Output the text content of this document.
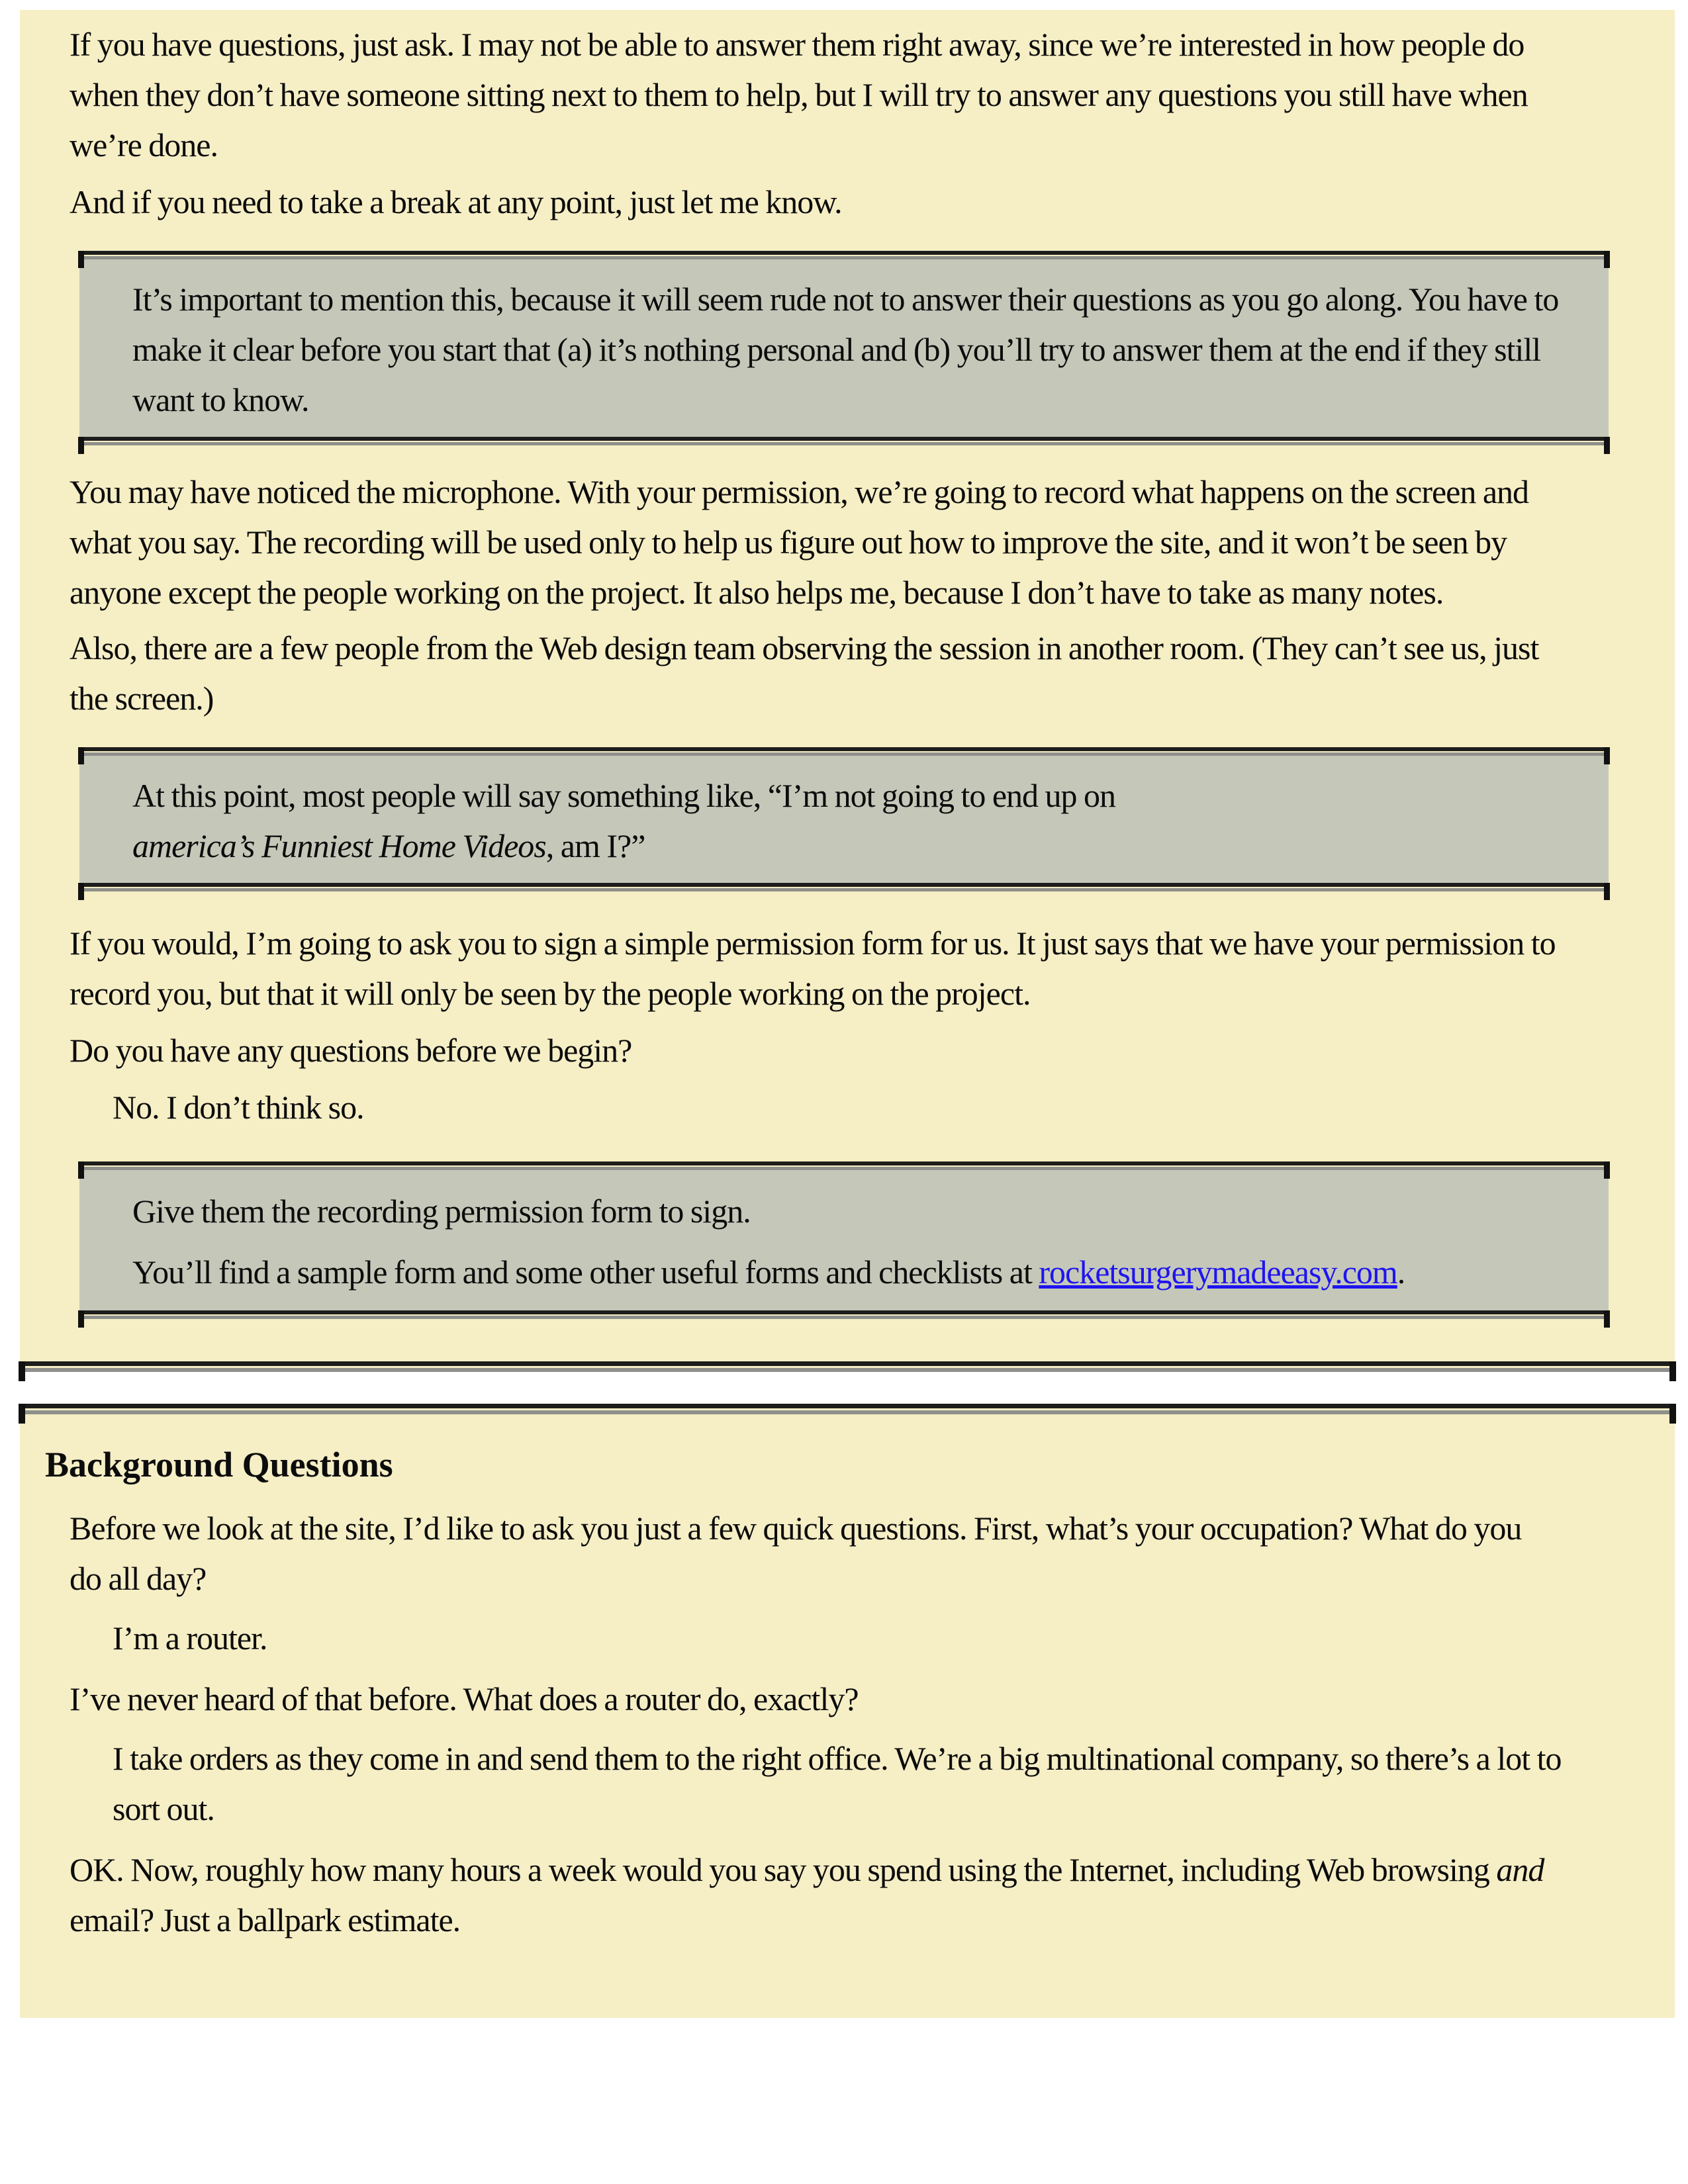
If you have questions, just ask. I may not be able to answer them right away, since we’re interested in how people do when they don’t have someone sitting next to them to help, but I will try to answer any questions you still have when we’re done.

And if you need to take a break at any point, just let me know.

It’s important to mention this, because it will seem rude not to answer their questions as you go along. You have to make it clear before you start that (a) it’s nothing personal and (b) you’ll try to answer them at the end if they still want to know.

You may have noticed the microphone. With your permission, we’re going to record what happens on the screen and what you say. The recording will be used only to help us figure out how to improve the site, and it won’t be seen by anyone except the people working on the project. It also helps me, because I don’t have to take as many notes.

Also, there are a few people from the Web design team observing the session in another room. (They can’t see us, just the screen.)

At this point, most people will say something like, “I’m not going to end up on
america’s Funniest Home Videos, am I?”

If you would, I’m going to ask you to sign a simple permission form for us. It just says that we have your permission to record you, but that it will only be seen by the people working on the project.

Do you have any questions before we begin?

No. I don’t think so.

Give them the recording permission form to sign.

You’ll find a sample form and some other useful forms and checklists at rocketsurgerymadeeasy.com.

Background Questions

Before we look at the site, I’d like to ask you just a few quick questions. First, what’s your occupation? What do you do all day?

I’m a router.

I’ve never heard of that before. What does a router do, exactly?

I take orders as they come in and send them to the right office. We’re a big multinational company, so there’s a lot to sort out.

OK. Now, roughly how many hours a week would you say you spend using the Internet, including Web browsing and email? Just a ballpark estimate.
